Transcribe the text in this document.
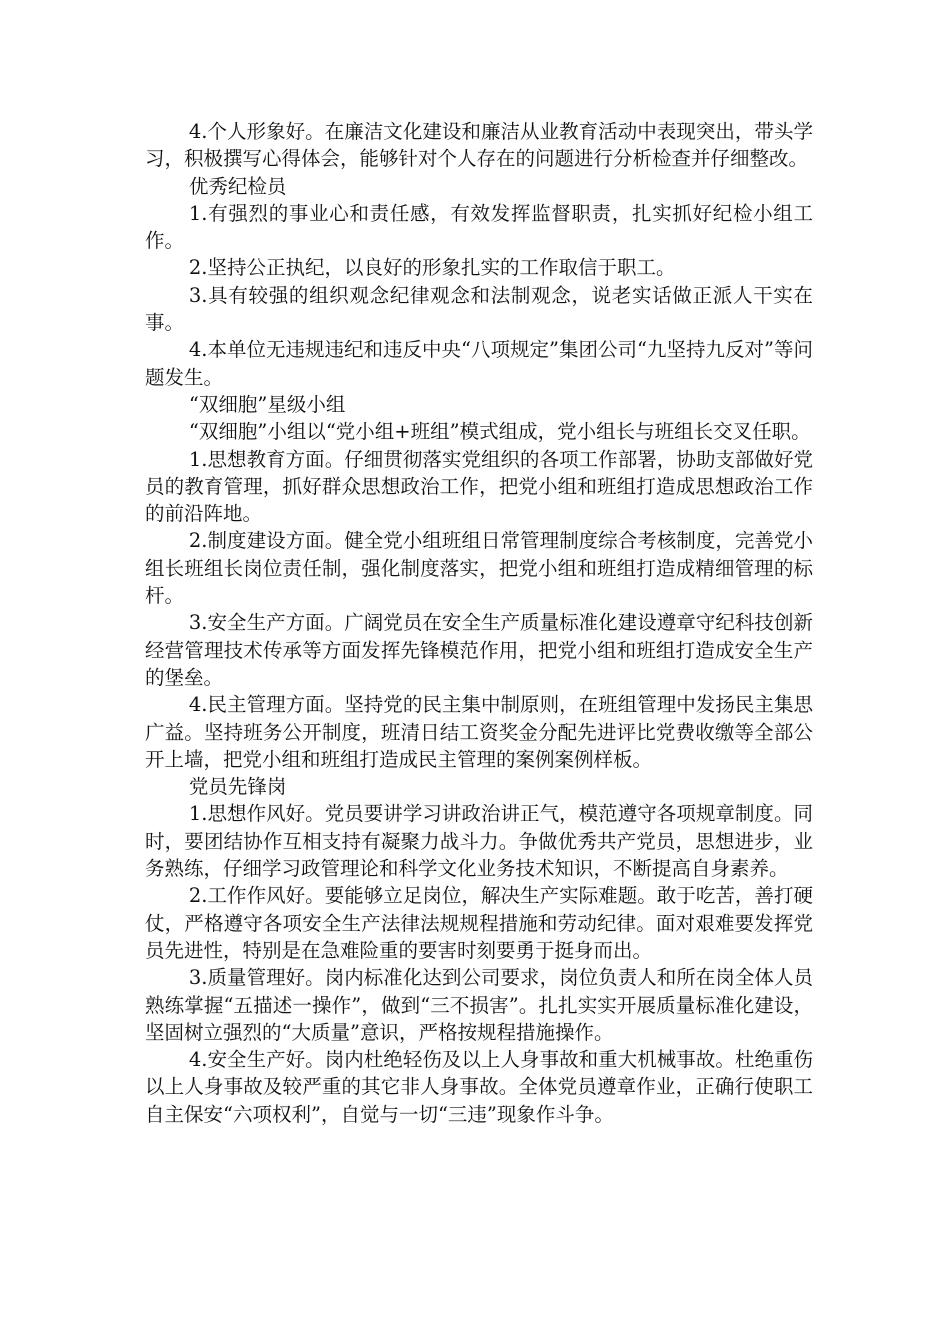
4.个人形象好。在廉洁文化建设和廉洁从业教育活动中表现突出，带头学习，积极撰写心得体会，能够针对个人存在的问题进行分析检查并仔细整改。

优秀纪检员

1.有强烈的事业心和责任感，有效发挥监督职责，扎实抓好纪检小组工作。

2.坚持公正执纪，以良好的形象扎实的工作取信于职工。

3.具有较强的组织观念纪律观念和法制观念，说老实话做正派人干实在事。

4.本单位无违规违纪和违反中央“八项规定”集团公司“九坚持九反对”等问题发生。

“双细胞”星级小组

“双细胞”小组以“党小组+班组”模式组成，党小组长与班组长交叉任职。

1.思想教育方面。仔细贯彻落实党组织的各项工作部署，协助支部做好党员的教育管理，抓好群众思想政治工作，把党小组和班组打造成思想政治工作的前沿阵地。

2.制度建设方面。健全党小组班组日常管理制度综合考核制度，完善党小组长班组长岗位责任制，强化制度落实，把党小组和班组打造成精细管理的标杆。

3.安全生产方面。广阔党员在安全生产质量标准化建设遵章守纪科技创新经营管理技术传承等方面发挥先锋模范作用，把党小组和班组打造成安全生产的堡垒。

4.民主管理方面。坚持党的民主集中制原则，在班组管理中发扬民主集思广益。坚持班务公开制度，班清日结工资奖金分配先进评比党费收缴等全部公开上墙，把党小组和班组打造成民主管理的案例案例样板。

党员先锋岗

1.思想作风好。党员要讲学习讲政治讲正气，模范遵守各项规章制度。同时，要团结协作互相支持有凝聚力战斗力。争做优秀共产党员，思想进步，业务熟练，仔细学习政管理论和科学文化业务技术知识，不断提高自身素养。

2.工作作风好。要能够立足岗位，解决生产实际难题。敢于吃苦，善打硬仗，严格遵守各项安全生产法律法规规程措施和劳动纪律。面对艰难要发挥党员先进性，特别是在急难险重的要害时刻要勇于挺身而出。

3.质量管理好。岗内标准化达到公司要求，岗位负责人和所在岗全体人员熟练掌握“五描述一操作”，做到“三不损害”。扎扎实实开展质量标准化建设，坚固树立强烈的“大质量”意识，严格按规程措施操作。

4.安全生产好。岗内杜绝轻伤及以上人身事故和重大机械事故。杜绝重伤以上人身事故及较严重的其它非人身事故。全体党员遵章作业，正确行使职工自主保安“六项权利”，自觉与一切“三违”现象作斗争。
